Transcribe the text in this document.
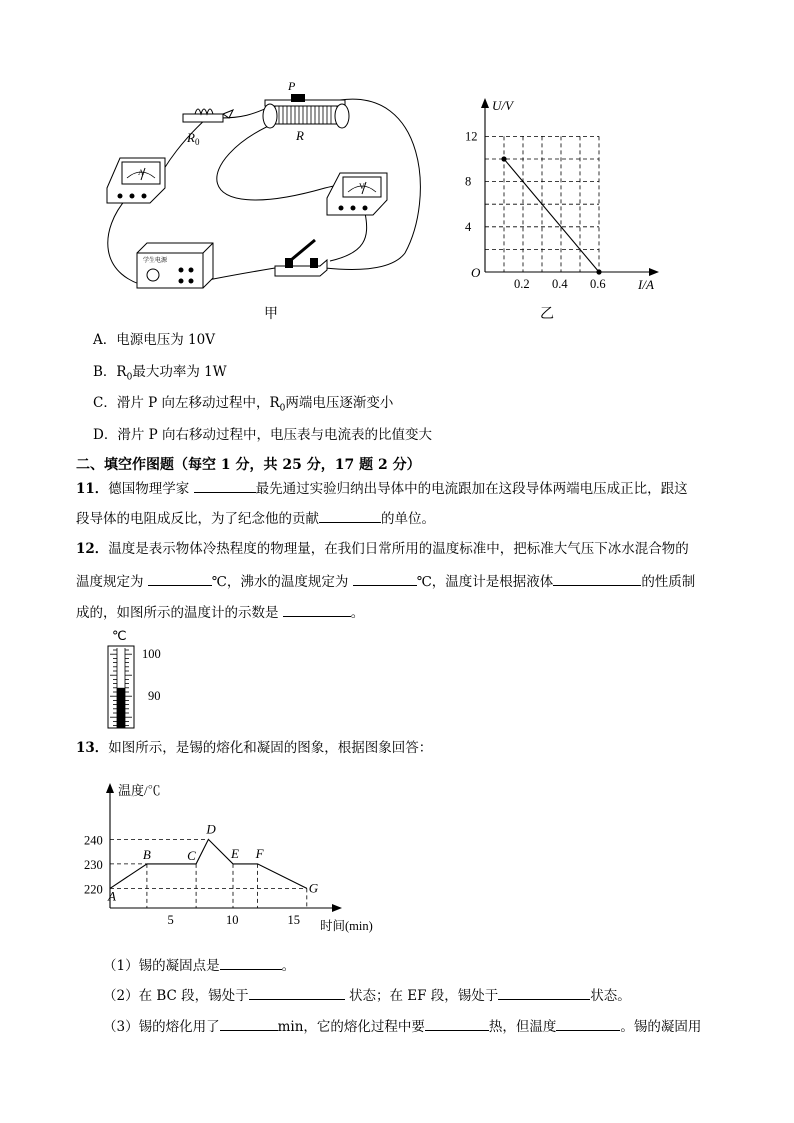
$R_0$
P
R
A
V
学生电源
甲
U/V
I/A
O
4
8
12
0.2 0.4 0.6
乙
A．电源电压为 10V
B．$R_0$最大功率为 1W
C．滑片 P 向左移动过程中，$R_0$两端电压逐渐变小
D．滑片 P 向右移动过程中，电压表与电流表的比值变大
二、填空作图题（每空 1 分，共 25 分，17 题 2 分）
11．德国物理学家	最先通过实验归纳出导体中的电流跟加在这段导体两端电压成正比，跟这
段导体的电阻成反比，为了纪念他的贡献	的单位。
12．温度是表示物体冷热程度的物理量，在我们日常所用的温度标准中，把标准大气压下冰水混合物的
温度规定为	℃，沸水的温度规定为	℃，温度计是根据液体	的性质制
成的，如图所示的温度计的示数是	。
℃
100
90
13．如图所示，是锡的熔化和凝固的图象，根据图象回答：
温度/℃
时间(min)
220
230
240
5	10	15
A
B	C
D
E F
G
（1）锡的凝固点是	。
（2）在 BC 段，锡处于	状态；在 EF 段，锡处于	状态。
（3）锡的熔化用了	min，它的熔化过程中要	热，但温度	。锡的凝固用
